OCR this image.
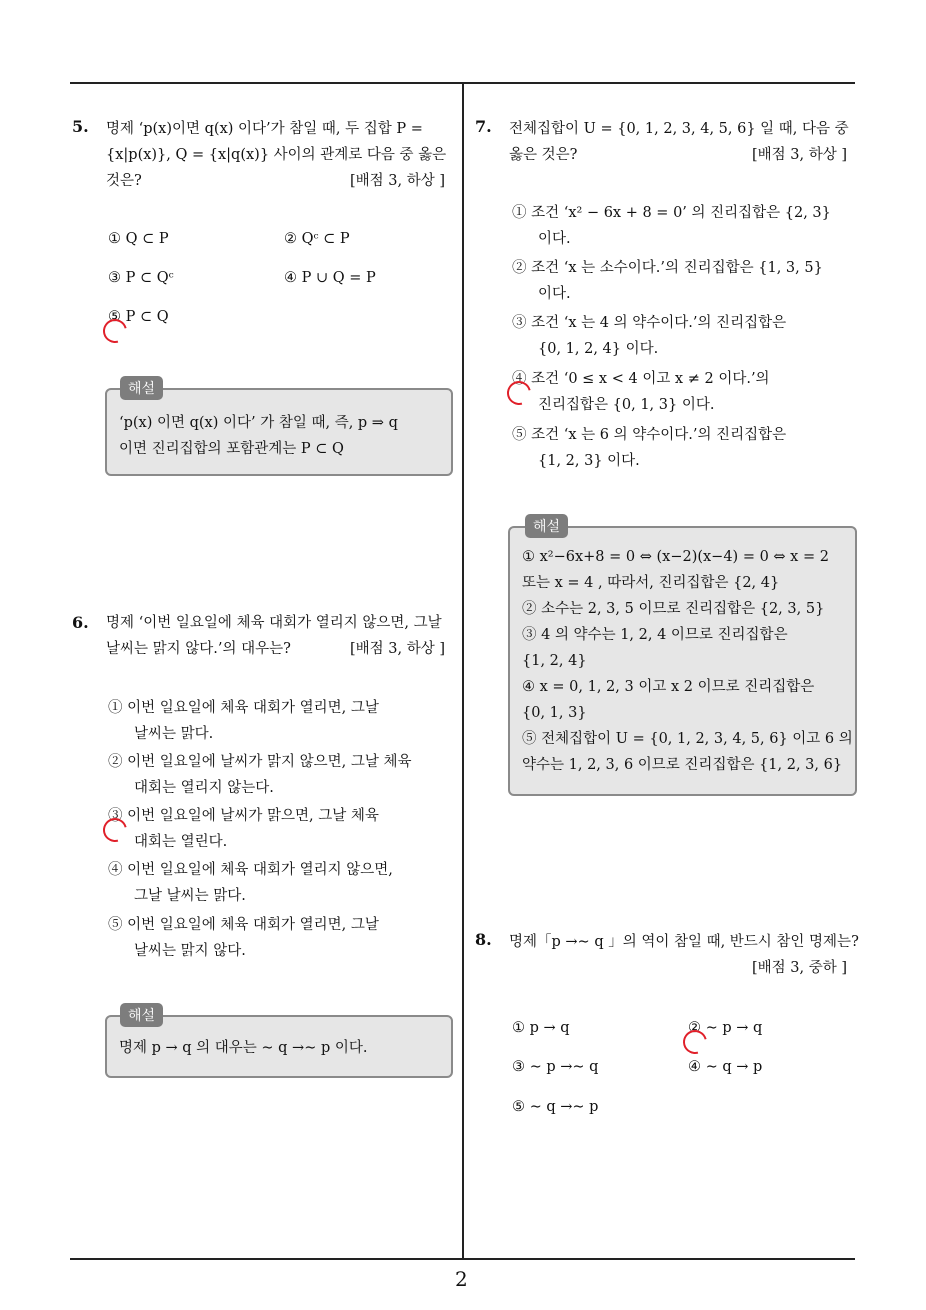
5. 명제 ‘p(x)이면 q(x) 이다’가 참일 때, 두 집합 P =
{x|p(x)}, Q = {x|q(x)} 사이의 관계로 다음 중 옳은
것은?	[배점 3, 하상 ]
① Q ⊂ P	② Qᶜ ⊂ P
③ P ⊂ Qᶜ	④ P ∪ Q = P
⑤ P ⊂ Q
‘p(x) 이면 q(x) 이다’ 가 참일 때, 즉, p ⇒ q
이면 진리집합의 포함관계는 P ⊂ Q
해설
6. 명제 ‘이번 일요일에 체육 대회가 열리지 않으면, 그날
날씨는 맑지 않다.’의 대우는?	[배점 3, 하상 ]
① 이번 일요일에 체육 대회가 열리면, 그날
날씨는 맑다.
② 이번 일요일에 날씨가 맑지 않으면, 그날 체육
대회는 열리지 않는다.
③ 이번 일요일에 날씨가 맑으면, 그날 체육
대회는 열린다.
④ 이번 일요일에 체육 대회가 열리지 않으면,
그날 날씨는 맑다.
⑤ 이번 일요일에 체육 대회가 열리면, 그날
날씨는 맑지 않다.
명제 p → q 의 대우는 ∼ q →∼ p 이다.
해설
7. 전체집합이 U = {0, 1, 2, 3, 4, 5, 6} 일 때, 다음 중
옳은 것은?	[배점 3, 하상 ]
① 조건 ‘x² − 6x + 8 = 0’ 의 진리집합은 {2, 3}
이다.
② 조건 ‘x 는 소수이다.’의 진리집합은 {1, 3, 5}
이다.
③ 조건 ‘x 는 4 의 약수이다.’의 진리집합은
{0, 1, 2, 4} 이다.
④ 조건 ‘0 ≤ x < 4 이고 x ≠ 2 이다.’의
진리집합은 {0, 1, 3} 이다.
⑤ 조건 ‘x 는 6 의 약수이다.’의 진리집합은
{1, 2, 3} 이다.
① x²−6x+8 = 0 ⇔ (x−2)(x−4) = 0 ⇔ x = 2
또는 x = 4 , 따라서, 진리집합은 {2, 4}
② 소수는 2, 3, 5 이므로 진리집합은 {2, 3, 5}
③ 4 의 약수는 1, 2, 4 이므로 진리집합은
{1, 2, 4}
④ x = 0, 1, 2, 3 이고 x 2 이므로 진리집합은
{0, 1, 3}
⑤ 전체집합이 U = {0, 1, 2, 3, 4, 5, 6} 이고 6 의
약수는 1, 2, 3, 6 이므로 진리집합은 {1, 2, 3, 6}
해설
8. 명제「p →∼ q 」의 역이 참일 때, 반드시 참인 명제는?
[배점 3, 중하 ]
① p → q	② ∼ p → q
③ ∼ p →∼ q	④ ∼ q → p
⑤ ∼ q →∼ p
2
